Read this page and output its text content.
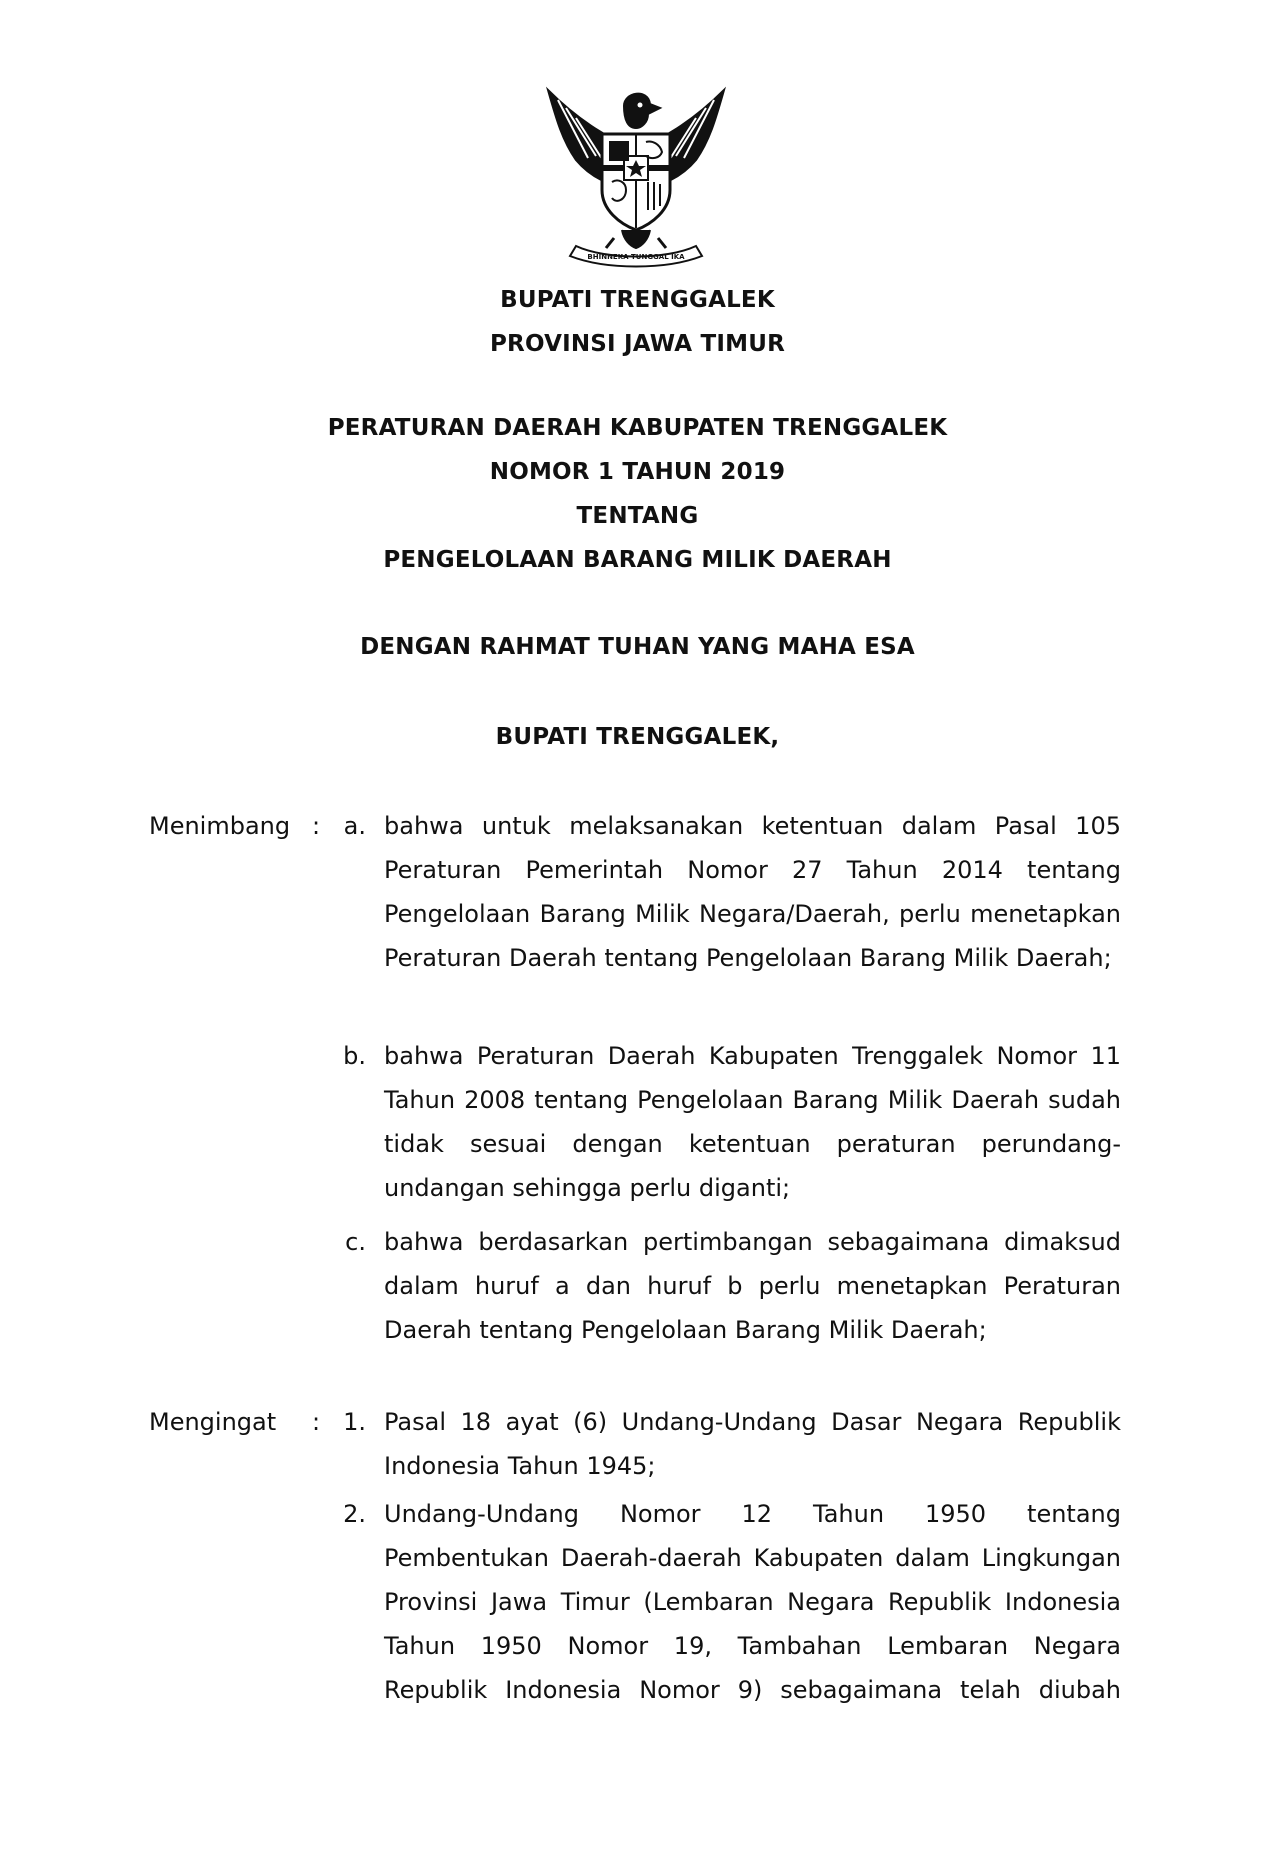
BHINNEKA TUNGGAL IKA
BUPATI TRENGGALEK
PROVINSI JAWA TIMUR
PERATURAN DAERAH KABUPATEN TRENGGALEK
NOMOR 1 TAHUN 2019
TENTANG
PENGELOLAAN BARANG MILIK DAERAH
DENGAN RAHMAT TUHAN YANG MAHA ESA
BUPATI TRENGGALEK,
Menimbang : a. bahwa untuk melaksanakan ketentuan dalam Pasal 105 Peraturan Pemerintah Nomor 27 Tahun 2014 tentang Pengelolaan Barang Milik Negara/Daerah, perlu menetapkan Peraturan Daerah tentang Pengelolaan Barang Milik Daerah;

b. bahwa Peraturan Daerah Kabupaten Trenggalek Nomor 11 Tahun 2008 tentang Pengelolaan Barang Milik Daerah sudah tidak sesuai dengan ketentuan peraturan perundang-undangan sehingga perlu diganti;

c. bahwa berdasarkan pertimbangan sebagaimana dimaksud dalam huruf a dan huruf b perlu menetapkan Peraturan Daerah tentang Pengelolaan Barang Milik Daerah;

Mengingat : 1. Pasal 18 ayat (6) Undang-Undang Dasar Negara Republik Indonesia Tahun 1945;

2. Undang-Undang Nomor 12 Tahun 1950 tentang Pembentukan Daerah-daerah Kabupaten dalam Lingkungan Provinsi Jawa Timur (Lembaran Negara Republik Indonesia Tahun 1950 Nomor 19, Tambahan Lembaran Negara Republik Indonesia Nomor 9) sebagaimana telah diubah
